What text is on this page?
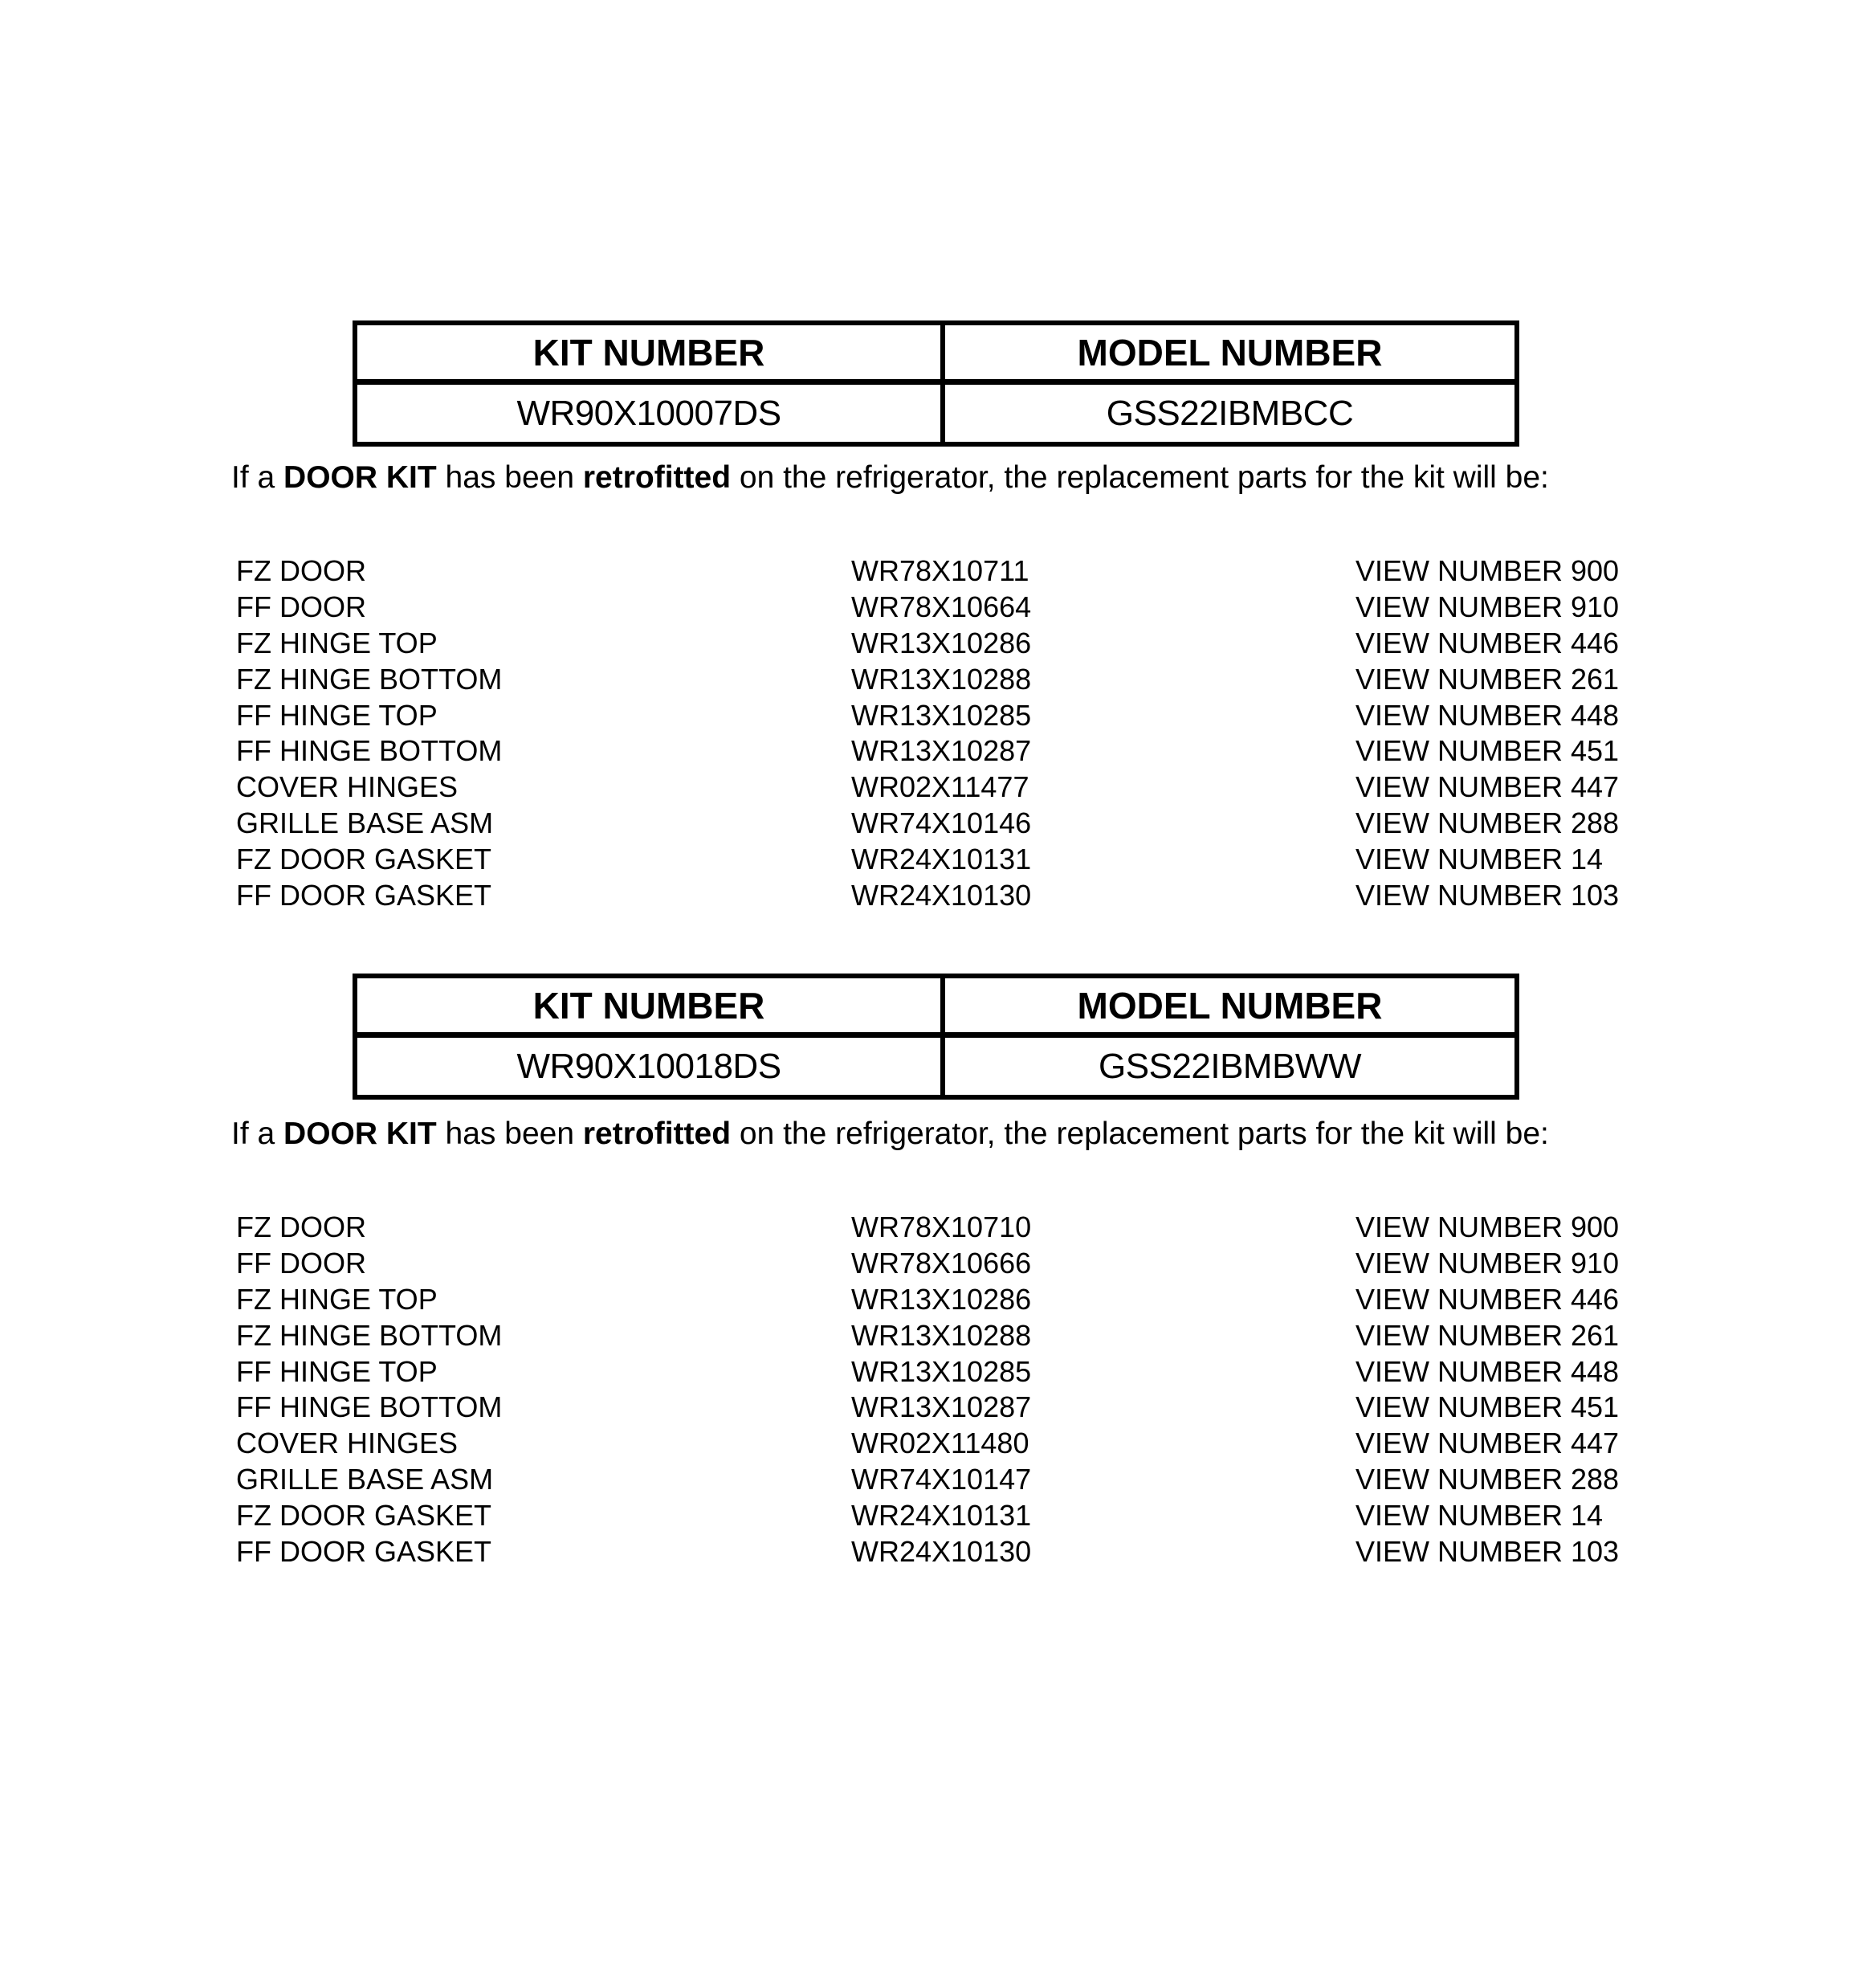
KIT NUMBER	MODEL NUMBER
WR90X10007DS	GSS22IBMBCC

If a DOOR KIT has been retrofitted on the refrigerator, the replacement parts for the kit will be:

FZ DOOR	WR78X10711	VIEW NUMBER 900
FF DOOR	WR78X10664	VIEW NUMBER 910
FZ HINGE TOP	WR13X10286	VIEW NUMBER 446
FZ HINGE BOTTOM	WR13X10288	VIEW NUMBER 261
FF HINGE TOP	WR13X10285	VIEW NUMBER 448
FF HINGE BOTTOM	WR13X10287	VIEW NUMBER 451
COVER HINGES	WR02X11477	VIEW NUMBER 447
GRILLE BASE ASM	WR74X10146	VIEW NUMBER 288
FZ DOOR GASKET	WR24X10131	VIEW NUMBER 14
FF DOOR GASKET	WR24X10130	VIEW NUMBER 103
KIT NUMBER	MODEL NUMBER
WR90X10018DS	GSS22IBMBWW

If a DOOR KIT has been retrofitted on the refrigerator, the replacement parts for the kit will be:

FZ DOOR	WR78X10710	VIEW NUMBER 900
FF DOOR	WR78X10666	VIEW NUMBER 910
FZ HINGE TOP	WR13X10286	VIEW NUMBER 446
FZ HINGE BOTTOM	WR13X10288	VIEW NUMBER 261
FF HINGE TOP	WR13X10285	VIEW NUMBER 448
FF HINGE BOTTOM	WR13X10287	VIEW NUMBER 451
COVER HINGES	WR02X11480	VIEW NUMBER 447
GRILLE BASE ASM	WR74X10147	VIEW NUMBER 288
FZ DOOR GASKET	WR24X10131	VIEW NUMBER 14
FF DOOR GASKET	WR24X10130	VIEW NUMBER 103
